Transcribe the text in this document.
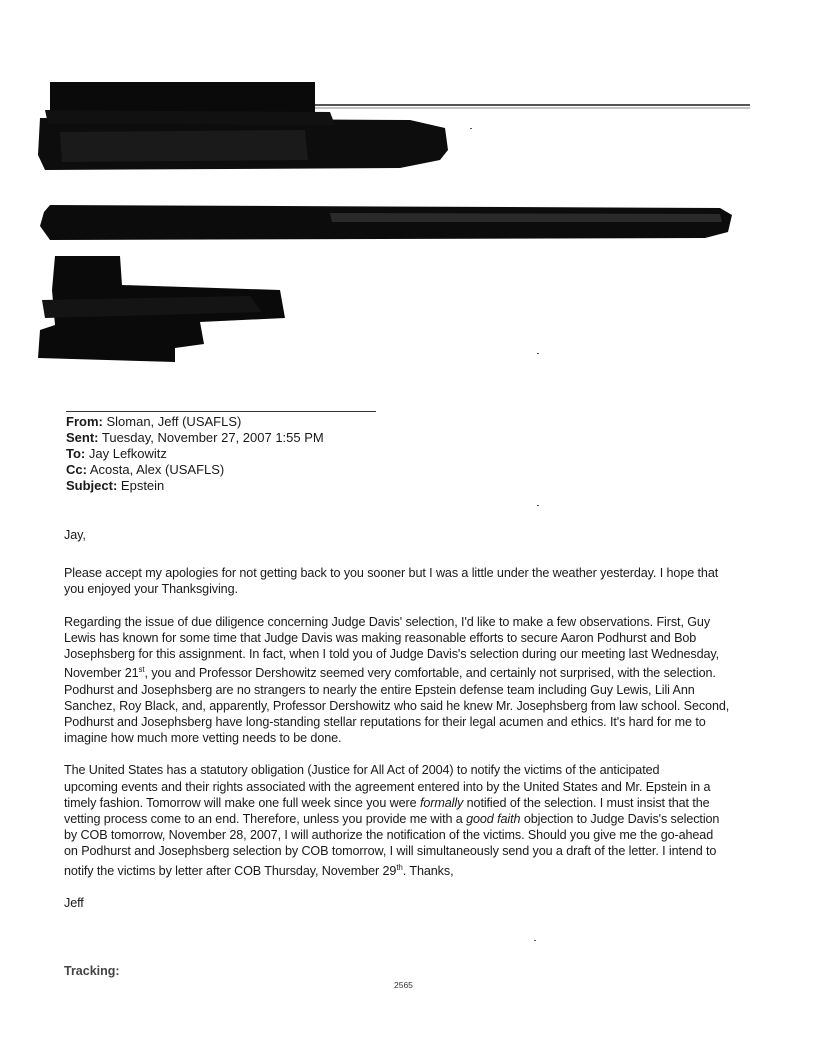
From: Sloman, Jeff (USAFLS)
Sent: Tuesday, November 27, 2007 1:55 PM
To: Jay Lefkowitz
Cc: Acosta, Alex (USAFLS)
Subject: Epstein

Jay,

Please accept my apologies for not getting back to you sooner but I was a little under the weather yesterday. I hope that
you enjoyed your Thanksgiving.

Regarding the issue of due diligence concerning Judge Davis' selection, I'd like to make a few observations. First, Guy
Lewis has known for some time that Judge Davis was making reasonable efforts to secure Aaron Podhurst and Bob
Josephsberg for this assignment. In fact, when I told you of Judge Davis's selection during our meeting last Wednesday,
November 21st, you and Professor Dershowitz seemed very comfortable, and certainly not surprised, with the selection.
Podhurst and Josephsberg are no strangers to nearly the entire Epstein defense team including Guy Lewis, Lili Ann
Sanchez, Roy Black, and, apparently, Professor Dershowitz who said he knew Mr. Josephsberg from law school. Second,
Podhurst and Josephsberg have long-standing stellar reputations for their legal acumen and ethics. It's hard for me to
imagine how much more vetting needs to be done.

The United States has a statutory obligation (Justice for All Act of 2004) to notify the victims of the anticipated
upcoming events and their rights associated with the agreement entered into by the United States and Mr. Epstein in a
timely fashion. Tomorrow will make one full week since you were formally notified of the selection. I must insist that the
vetting process come to an end. Therefore, unless you provide me with a good faith objection to Judge Davis's selection
by COB tomorrow, November 28, 2007, I will authorize the notification of the victims. Should you give me the go-ahead
on Podhurst and Josephsberg selection by COB tomorrow, I will simultaneously send you a draft of the letter. I intend to
notify the victims by letter after COB Thursday, November 29th. Thanks,

Jeff

Tracking:
2565
